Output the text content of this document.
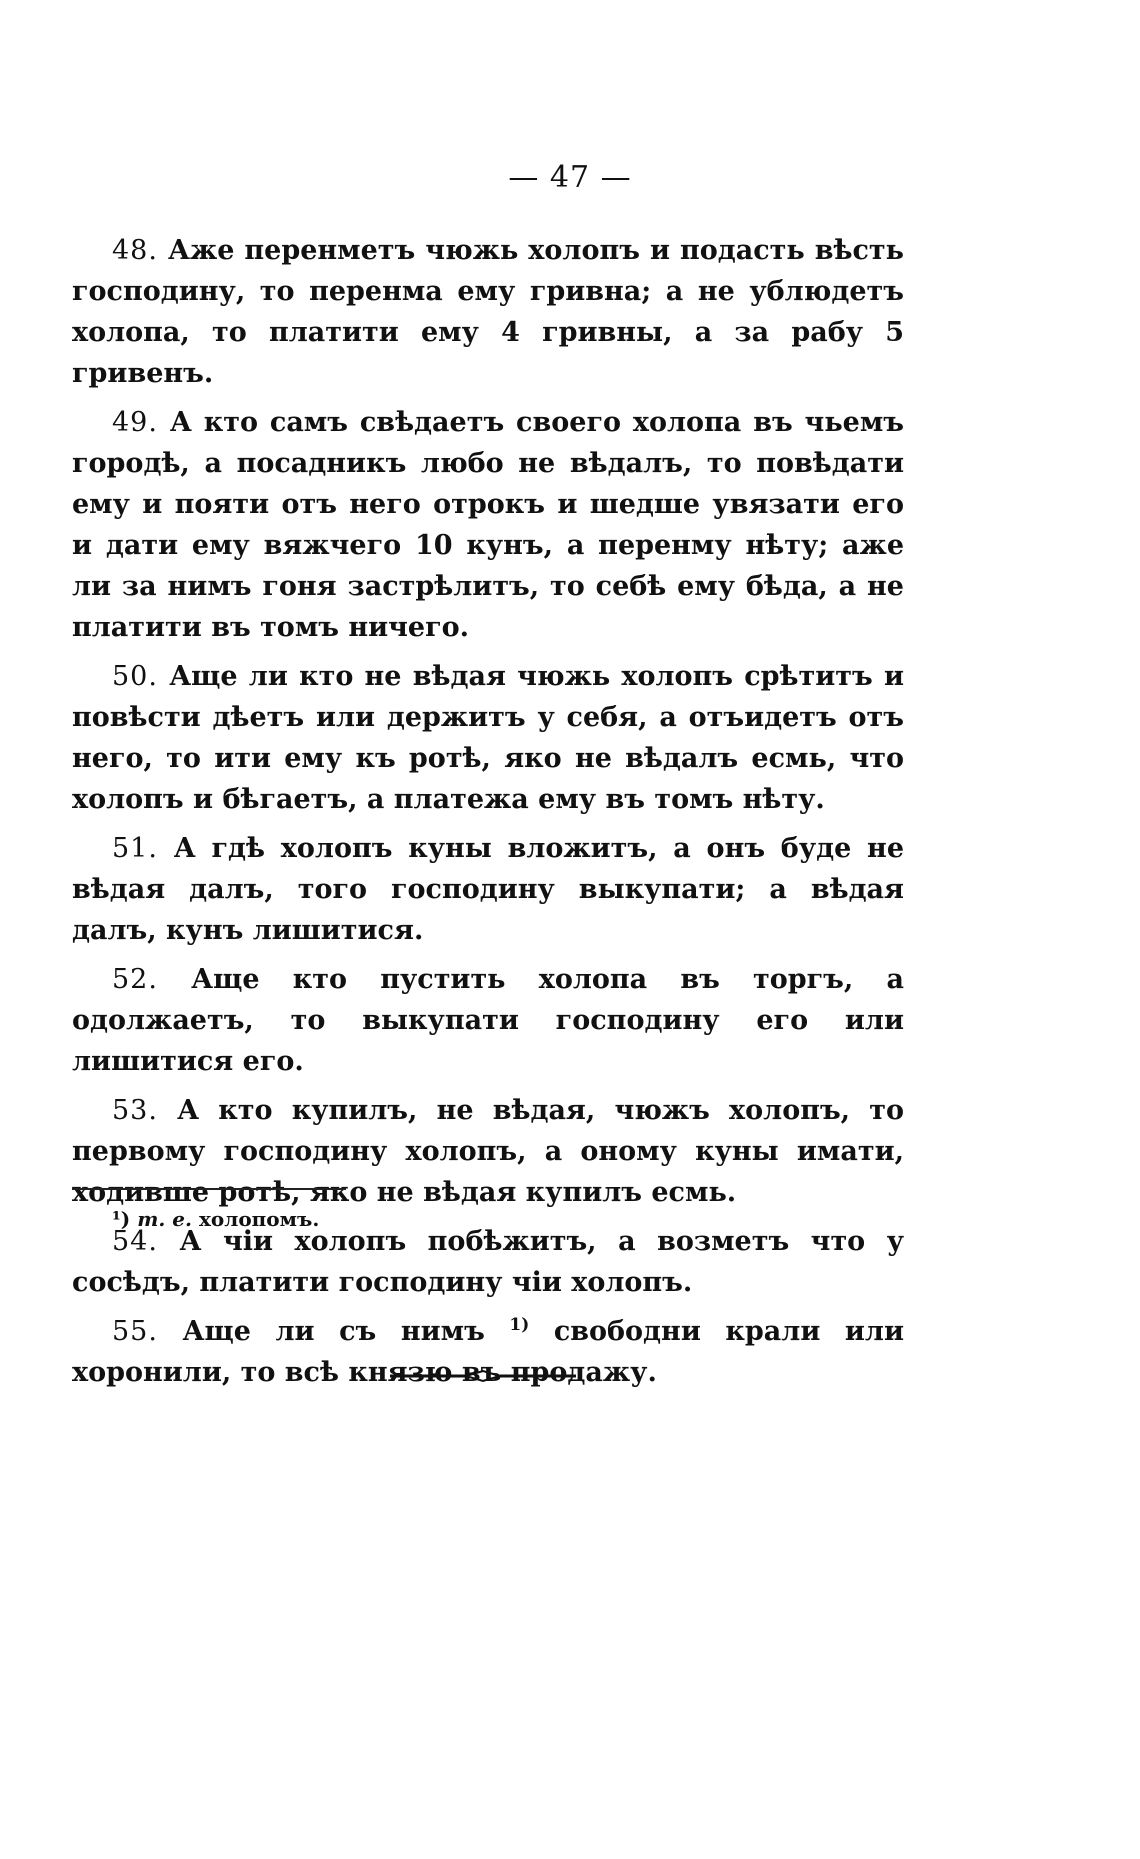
— 47 —

48. Аже перенметъ чюжь холопъ и подасть вѣсть господину, то перенма ему гривна; а не ублюдетъ холопа, то платити ему 4 гривны, а за рабу 5 гривенъ.

49. А кто самъ свѣдаетъ своего холопа въ чьемъ городѣ, а посадникъ любо не вѣдалъ, то повѣдати ему и пояти отъ него отрокъ и шедше увязати его и дати ему вяжчего 10 кунъ, а перенму нѣту; аже ли за нимъ гоня застрѣлитъ, то себѣ ему бѣда, а не платити въ томъ ничего.

50. Аще ли кто не вѣдая чюжь холопъ срѣтитъ и повѣсти дѣетъ или держитъ у себя, а отъидетъ отъ него, то ити ему къ ротѣ, яко не вѣдалъ есмь, что холопъ и бѣгаетъ, а платежа ему въ томъ нѣту.

51. А гдѣ холопъ куны вложитъ, а онъ буде не вѣдая далъ, того господину выкупати; а вѣдая далъ, кунъ лишитися.

52. Аще кто пустить холопа въ торгъ, а одолжаетъ, то выкупати господину его или лишитися его.

53. А кто купилъ, не вѣдая, чюжъ холопъ, то первому господину холопъ, а оному куны имати, ходивше ротѣ, яко не вѣдая купилъ есмь.

54. А чіи холопъ побѣжитъ, а возметъ что у сосѣдъ, платити господину чіи холопъ.

55. Аще ли съ нимъ $^{1)}$ свободни крали или хоронили, то всѣ князю въ продажу.

¹) т. е. холопомъ.
